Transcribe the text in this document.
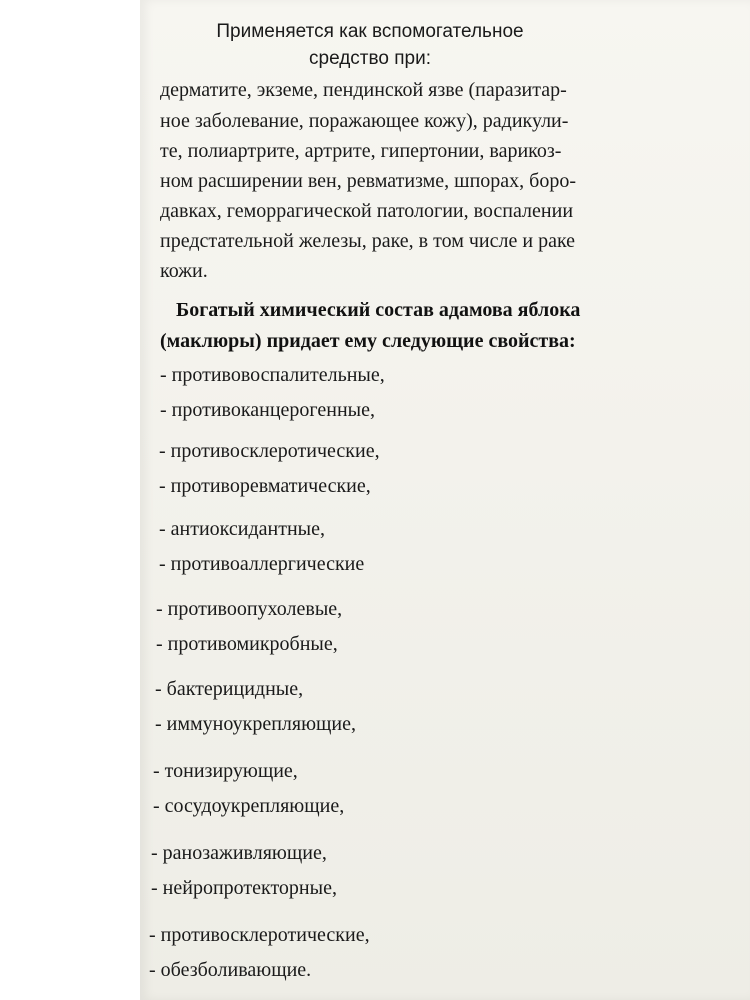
Применяется как вспомогательное
средство при:
дерматите, экземе, пендинской язве (паразитар-
ное заболевание, поражающее кожу), радикули-
те, полиартрите, артрите, гипертонии, варикоз-
ном расширении вен, ревматизме, шпорах, боро-
давках, геморрагической патологии, воспалении
предстательной железы, раке, в том числе и раке
кожи.
Богатый химический состав адамова яблока
(маклюры) придает ему следующие свойства:
- противовоспалительные,
- противоканцерогенные,
- противосклеротические,
- противоревматические,
- антиоксидантные,
- противоаллергические
- противоопухолевые,
- противомикробные,
- бактерицидные,
- иммуноукрепляющие,
- тонизирующие,
- сосудоукрепляющие,
- ранозаживляющие,
- нейропротекторные,
- противосклеротические,
- обезболивающие.
